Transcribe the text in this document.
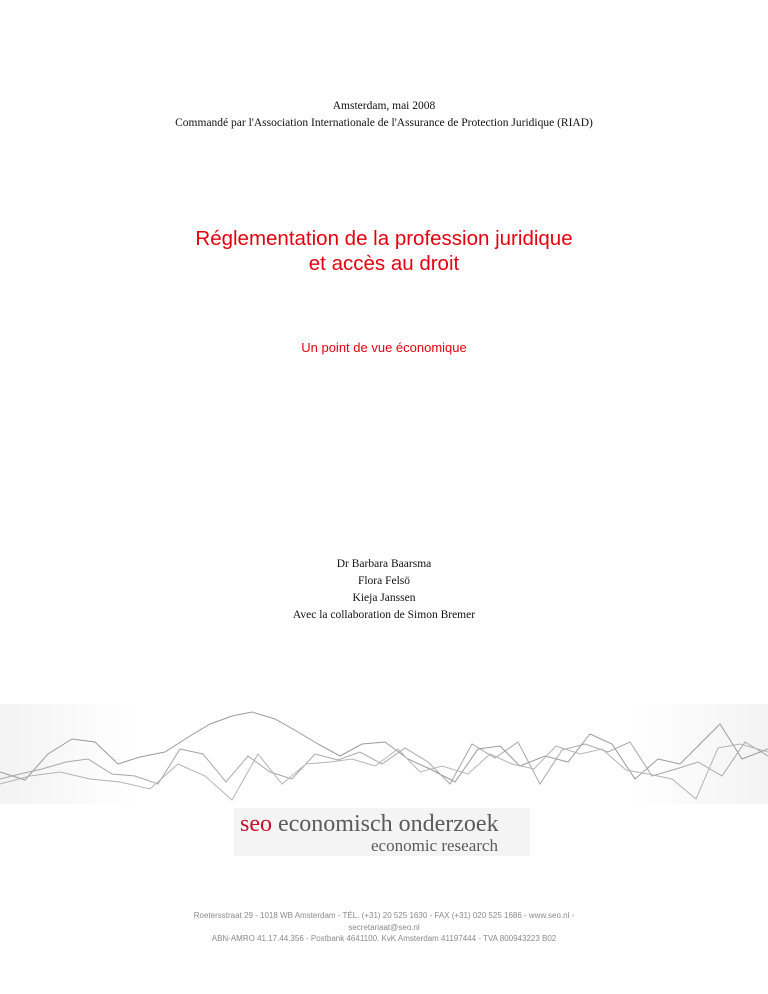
Amsterdam, mai 2008
Commandé par l'Association Internationale de l'Assurance de Protection Juridique (RIAD)
Réglementation de la profession juridique
et accès au droit
Un point de vue économique
Dr Barbara Baarsma
Flora Felsö
Kieja Janssen
Avec la collaboration de Simon Bremer
seo economisch onderzoek
economic research
Roetersstraat 29 - 1018 WB Amsterdam - TÉL. (+31) 20 525 1630 - FAX (+31) 020 525 1686 - www.seo.nl -
secretariaat@seo.nl
ABN-AMRO 41.17.44.356 - Postbank 4641100. KvK Amsterdam 41197444 - TVA 800943223 B02
